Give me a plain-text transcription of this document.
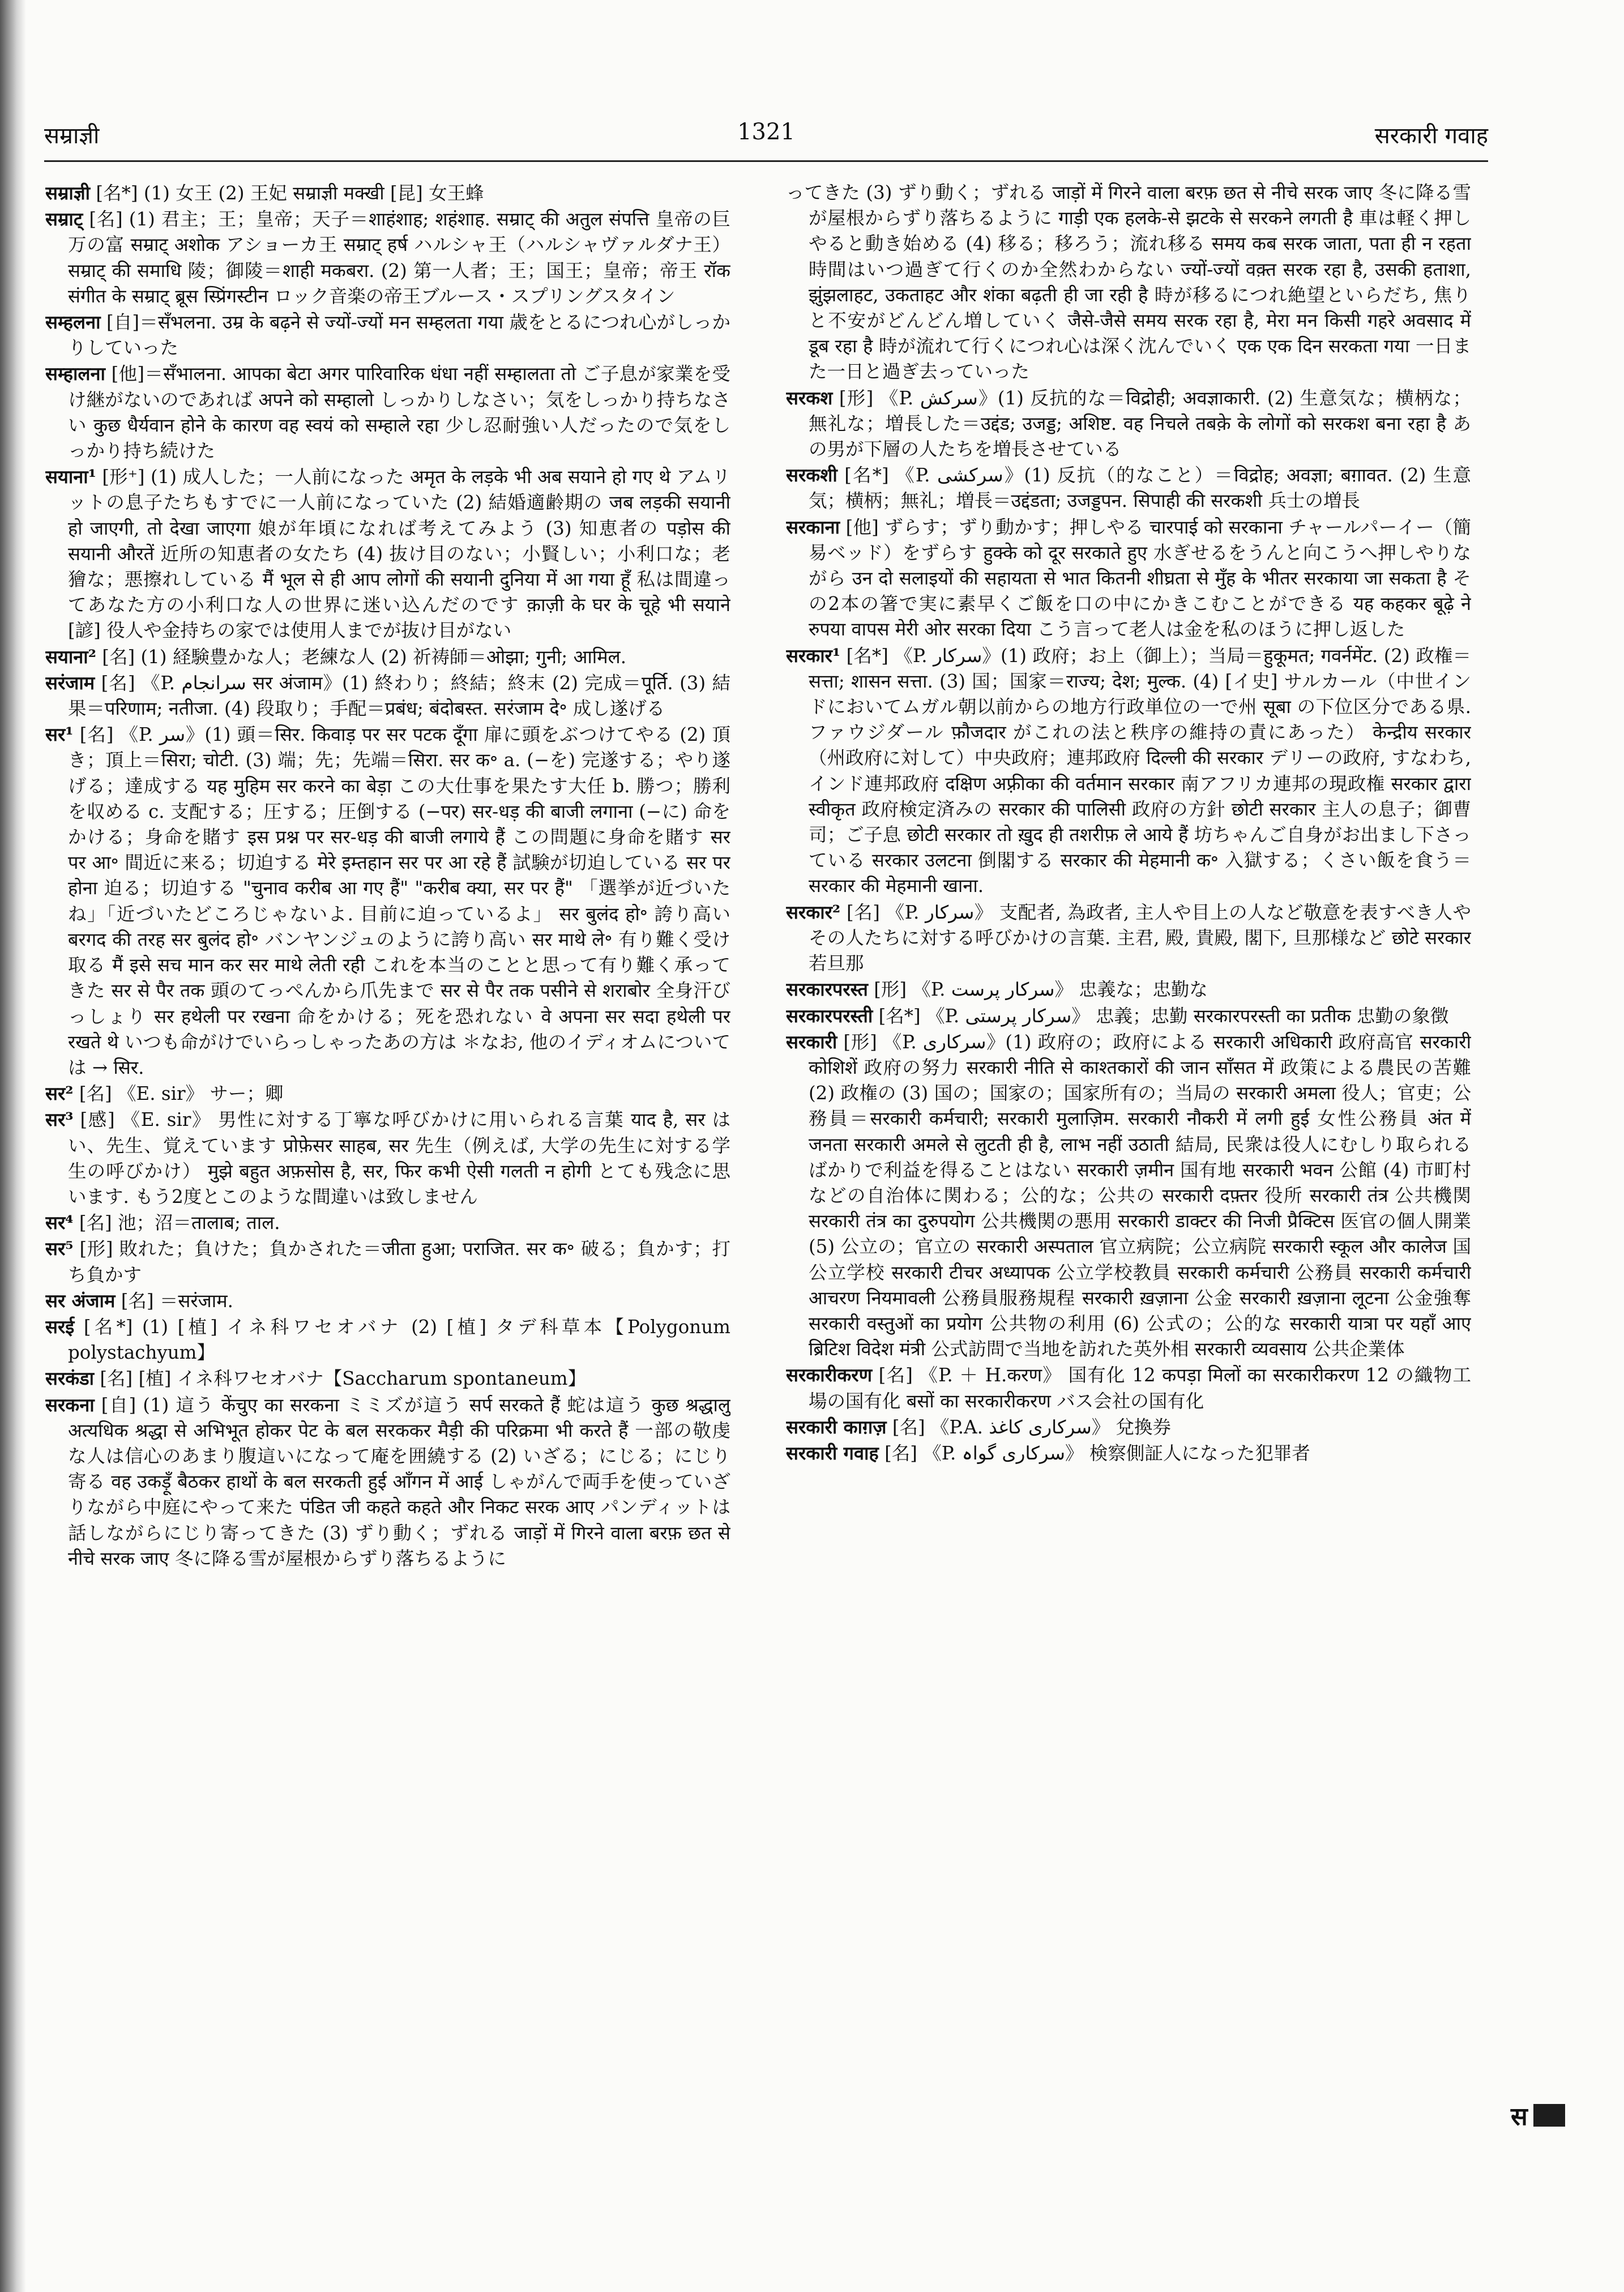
सम्राज्ञी	1321	सरकारी गवाह

सम्राज्ञी [名*] (1) 女王 (2) 王妃 सम्राज्ञी मक्खी [昆] 女王蜂

सम्राट् [名] (1) 君主；王；皇帝；天子＝शाहंशाह; शहंशाह. सम्राट् की अतुल संपत्ति 皇帝の巨万の富 सम्राट् अशोक アショーカ王 सम्राट् हर्ष ハルシャ王（ハルシャヴァルダナ王） सम्राट् की समाधि 陵；御陵＝शाही मकबरा. (2) 第一人者；王；国王；皇帝；帝王 रॉक संगीत के सम्राट् ब्रूस स्प्रिंगस्टीन ロック音楽の帝王ブルース・スプリングスタイン

सम्हलना [自]＝सँभलना. उम्र के बढ़ने से ज्यों-ज्यों मन सम्हलता गया 歳をとるにつれ心がしっかりしていった

सम्हालना [他]＝सँभालना. आपका बेटा अगर पारिवारिक धंधा नहीं सम्हालता तो ご子息が家業を受け継がないのであれば अपने को सम्हालो しっかりしなさい；気をしっかり持ちなさい कुछ धैर्यवान होने के कारण वह स्वयं को सम्हाले रहा 少し忍耐強い人だったので気をしっかり持ち続けた

सयाना¹ [形⁺] (1) 成人した；一人前になった अमृत के लड़के भी अब सयाने हो गए थे アムリットの息子たちもすでに一人前になっていた (2) 結婚適齢期の जब लड़की सयानी हो जाएगी, तो देखा जाएगा 娘が年頃になれば考えてみよう (3) 知恵者の पड़ोस की सयानी औरतें 近所の知恵者の女たち (4) 抜け目のない；小賢しい；小利口な；老獪な；悪擦れしている मैं भूल से ही आप लोगों की सयानी दुनिया में आ गया हूँ 私は間違ってあなた方の小利口な人の世界に迷い込んだのです क़ाज़ी के घर के चूहे भी सयाने [諺] 役人や金持ちの家では使用人までが抜け目がない

सयाना² [名] (1) 経験豊かな人；老練な人 (2) 祈祷師＝ओझा; गुनी; आमिल.

सरंजाम [名] 《P. سرانجام सर अंजाम》(1) 終わり；終結；終末 (2) 完成＝पूर्ति. (3) 結果＝परिणाम; नतीजा. (4) 段取り；手配＝प्रबंध; बंदोबस्त. सरंजाम दे॰ 成し遂げる

सर¹ [名] 《P. سر》(1) 頭＝सिर. किवाड़ पर सर पटक दूँगा 扉に頭をぶつけてやる (2) 頂き；頂上＝सिरा; चोटी. (3) 端；先；先端＝सिरा. सर क॰ a. (−を) 完遂する；やり遂げる；達成する यह मुहिम सर करने का बेड़ा この大仕事を果たす大任 b. 勝つ；勝利を収める c. 支配する；圧する；圧倒する (−पर) सर-धड़ की बाजी लगाना (−に) 命をかける；身命を賭す इस प्रश्न पर सर-धड़ की बाजी लगाये हैं この問題に身命を賭す सर पर आ॰ 間近に来る；切迫する मेरे इम्तहान सर पर आ रहे हैं 試験が切迫している सर पर होना 迫る；切迫する "चुनाव करीब आ गए हैं" "करीब क्या, सर पर हैं" 「選挙が近づいたね」「近づいたどころじゃないよ. 目前に迫っているよ」 सर बुलंद हो॰ 誇り高い बरगद की तरह सर बुलंद हो॰ バンヤンジュのように誇り高い सर माथे ले॰ 有り難く受け取る मैं इसे सच मान कर सर माथे लेती रही これを本当のことと思って有り難く承ってきた सर से पैर तक 頭のてっぺんから爪先まで सर से पैर तक पसीने से शराबोर 全身汗びっしょり सर हथेली पर रखना 命をかける；死を恐れない वे अपना सर सदा हथेली पर रखते थे いつも命がけでいらっしゃったあの方は ＊なお, 他のイディオムについては → सिर.

सर² [名] 《E. sir》 サー；卿

सर³ [感] 《E. sir》 男性に対する丁寧な呼びかけに用いられる言葉 याद है, सर はい、先生、覚えています प्रोफ़ेसर साहब, सर 先生（例えば, 大学の先生に対する学生の呼びかけ） मुझे बहुत अफ़सोस है, सर, फिर कभी ऐसी गलती न होगी とても残念に思います. もう2度とこのような間違いは致しません

सर⁴ [名] 池；沼＝तालाब; ताल.

सर⁵ [形] 敗れた；負けた；負かされた＝जीता हुआ; पराजित. सर क॰ 破る；負かす；打ち負かす

सर अंजाम [名] ＝सरंजाम.

सरई [名*] (1) [植] イネ科ワセオバナ (2) [植] タデ科草本【Polygonum polystachyum】

सरकंडा [名] [植] イネ科ワセオバナ【Saccharum spontaneum】

सरकना [自] (1) 這う केंचुए का सरकना ミミズが這う सर्प सरकते हैं 蛇は這う कुछ श्रद्धालु अत्यधिक श्रद्धा से अभिभूत होकर पेट के बल सरककर मैड़ी की परिक्रमा भी करते हैं 一部の敬虔な人は信心のあまり腹這いになって庵を囲繞する (2) いざる；にじる；にじり寄る वह उकड़ूँ बैठकर हाथों के बल सरकती हुई आँगन में आई しゃがんで両手を使っていざりながら中庭にやって来た पंडित जी कहते कहते और निकट सरक आए パンディットは話しながらにじり寄ってきた (3) ずり動く；ずれる जाड़ों में गिरने वाला बरफ़ छत से नीचे सरक जाए 冬に降る雪が屋根からずり落ちるように

ってきた (3) ずり動く；ずれる जाड़ों में गिरने वाला बरफ़ छत से नीचे सरक जाए 冬に降る雪が屋根からずり落ちるように गाड़ी एक हलके-से झटके से सरकने लगती है 車は軽く押しやると動き始める (4) 移る；移ろう；流れ移る समय कब सरक जाता, पता ही न रहता 時間はいつ過ぎて行くのか全然わからない ज्यों-ज्यों वक़्त सरक रहा है, उसकी हताशा, झुंझलाहट, उकताहट और शंका बढ़ती ही जा रही है 時が移るにつれ絶望といらだち, 焦りと不安がどんどん増していく जैसे-जैसे समय सरक रहा है, मेरा मन किसी गहरे अवसाद में डूब रहा है 時が流れて行くにつれ心は深く沈んでいく एक एक दिन सरकता गया 一日また一日と過ぎ去っていった

सरकश [形] 《P. سرکش》(1) 反抗的な＝विद्रोही; अवज्ञाकारी. (2) 生意気な；横柄な；無礼な；増長した＝उद्दंड; उजड्ड; अशिष्ट. वह निचले तबक़े के लोगों को सरकश बना रहा है あの男が下層の人たちを増長させている

सरकशी [名*] 《P. سرکشی》(1) 反抗（的なこと）＝विद्रोह; अवज्ञा; बग़ावत. (2) 生意気；横柄；無礼；増長＝उद्दंडता; उजड्डपन. सिपाही की सरकशी 兵士の増長

सरकाना [他] ずらす；ずり動かす；押しやる चारपाई को सरकाना チャールパーイー（簡易ベッド）をずらす हुक्के को दूर सरकाते हुए 水ぎせるをうんと向こうへ押しやりながら उन दो सलाइयों की सहायता से भात कितनी शीघ्रता से मुँह के भीतर सरकाया जा सकता है その2本の箸で実に素早くご飯を口の中にかきこむことができる यह कहकर बूढ़े ने रुपया वापस मेरी ओर सरका दिया こう言って老人は金を私のほうに押し返した

सरकार¹ [名*] 《P. سرکار》(1) 政府；お上（御上）；当局＝हुकूमत; गवर्नमेंट. (2) 政権＝सत्ता; शासन सत्ता. (3) 国；国家＝राज्य; देश; मुल्क. (4) [イ史] サルカール（中世インドにおいてムガル朝以前からの地方行政単位の一で州 सूबा の下位区分である県. ファウジダール फ़ौजदार がこれの法と秩序の維持の責にあった） केन्द्रीय सरकार（州政府に対して）中央政府；連邦政府 दिल्ली की सरकार デリーの政府, すなわち, インド連邦政府 दक्षिण अफ़्रीका की वर्तमान सरकार 南アフリカ連邦の現政権 सरकार द्वारा स्वीकृत 政府検定済みの सरकार की पालिसी 政府の方針 छोटी सरकार 主人の息子；御曹司；ご子息 छोटी सरकार तो ख़ुद ही तशरीफ़ ले आये हैं 坊ちゃんご自身がお出まし下さっている सरकार उलटना 倒閣する सरकार की मेहमानी क॰ 入獄する；くさい飯を食う＝सरकार की मेहमानी खाना.

सरकार² [名] 《P. سرکار》 支配者, 為政者, 主人や目上の人など敬意を表すべき人やその人たちに対する呼びかけの言葉. 主君, 殿, 貴殿, 閣下, 旦那様など छोटे सरकार 若旦那

सरकारपरस्त [形] 《P. سرکار پرست》 忠義な；忠勤な

सरकारपरस्ती [名*] 《P. سرکار پرستی》 忠義；忠勤 सरकारपरस्ती का प्रतीक 忠勤の象徴

सरकारी [形] 《P. سرکاری》(1) 政府の；政府による सरकारी अधिकारी 政府高官 सरकारी कोशिशें 政府の努力 सरकारी नीति से काश्तकारों की जान साँसत में 政策による農民の苦難 (2) 政権の (3) 国の；国家の；国家所有の；当局の सरकारी अमला 役人；官吏；公務員＝सरकारी कर्मचारी; सरकारी मुलाज़िम. सरकारी नौकरी में लगी हुई 女性公務員 अंत में जनता सरकारी अमले से लुटती ही है, लाभ नहीं उठाती 結局, 民衆は役人にむしり取られるばかりで利益を得ることはない सरकारी ज़मीन 国有地 सरकारी भवन 公館 (4) 市町村などの自治体に関わる；公的な；公共の सरकारी दफ़्तर 役所 सरकारी तंत्र 公共機関 सरकारी तंत्र का दुरुपयोग 公共機関の悪用 सरकारी डाक्टर की निजी प्रैक्टिस 医官の個人開業 (5) 公立の；官立の सरकारी अस्पताल 官立病院；公立病院 सरकारी स्कूल और कालेज 国公立学校 सरकारी टीचर अध्यापक 公立学校教員 सरकारी कर्मचारी 公務員 सरकारी कर्मचारी आचरण नियमावली 公務員服務規程 सरकारी ख़ज़ाना 公金 सरकारी ख़ज़ाना लूटना 公金強奪 सरकारी वस्तुओं का प्रयोग 公共物の利用 (6) 公式の；公的な सरकारी यात्रा पर यहाँ आए ब्रिटिश विदेश मंत्री 公式訪問で当地を訪れた英外相 सरकारी व्यवसाय 公共企業体

सरकारीकरण [名] 《P. ＋ H.करण》 国有化 12 कपड़ा मिलों का सरकारीकरण 12 の織物工場の国有化 बसों का सरकारीकरण バス会社の国有化

सरकारी काग़ज़ [名] 《P.A. سرکاری کاغذ》 兌換券

सरकारी गवाह [名] 《P. سرکاری گواہ》 検察側証人になった犯罪者

स
